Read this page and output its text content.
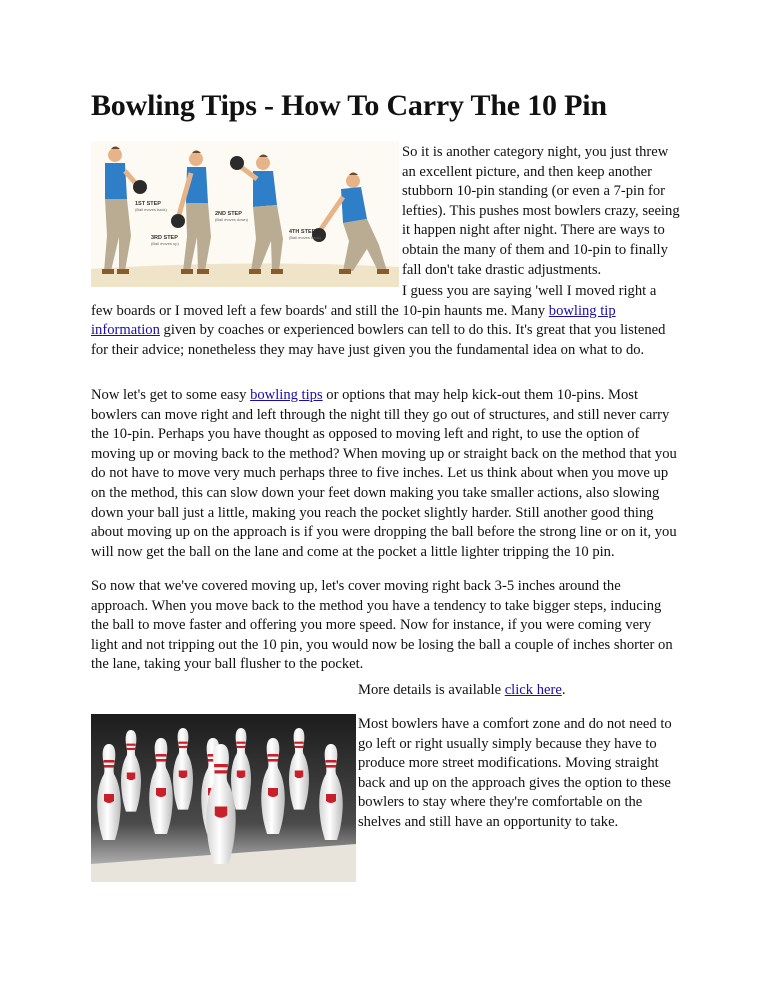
Bowling Tips - How To Carry The 10 Pin
1ST STEP
(Ball moves back)
3RD STEP
(Ball moves up)
2ND STEP
(Ball moves down)
4TH STEP
(Ball moves back)

So it is another category night, you just threw an excellent picture, and then keep another stubborn 10-pin standing (or even a 7-pin for lefties). This pushes most bowlers crazy, seeing it happen night after night. There are ways to obtain the many of them and 10-pin to finally fall don't take drastic adjustments.

I guess you are saying 'well I moved right a few boards or I moved left a few boards' and still the 10-pin haunts me. Many bowling tip information given by coaches or experienced bowlers can tell to do this. It's great that you listened for their advice; nonetheless they may have just given you the fundamental idea on what to do.

Now let's get to some easy bowling tips or options that may help kick-out them 10-pins. Most bowlers can move right and left through the night till they go out of structures, and still never carry the 10-pin. Perhaps you have thought as opposed to moving left and right, to use the option of moving up or moving back to the method? When moving up or straight back on the method that you do not have to move very much perhaps three to five inches. Let us think about when you move up on the method, this can slow down your feet down making you take smaller actions, also slowing down your ball just a little, making you reach the pocket slightly harder. Still another good thing about moving up on the approach is if you were dropping the ball before the strong line or on it, you will now get the ball on the lane and come at the pocket a little lighter tripping the 10 pin.

So now that we've covered moving up, let's cover moving right back 3-5 inches around the approach. When you move back to the method you have a tendency to take bigger steps, inducing the ball to move faster and offering you more speed. Now for instance, if you were coming very light and not tripping out the 10 pin, you would now be losing the ball a couple of inches shorter on the lane, taking your ball flusher to the pocket.

More details is available click here.

Most bowlers have a comfort zone and do not need to go left or right usually simply because they have to produce more street modifications. Moving straight back and up on the approach gives the option to these bowlers to stay where they're comfortable on the shelves and still have an opportunity to take.
